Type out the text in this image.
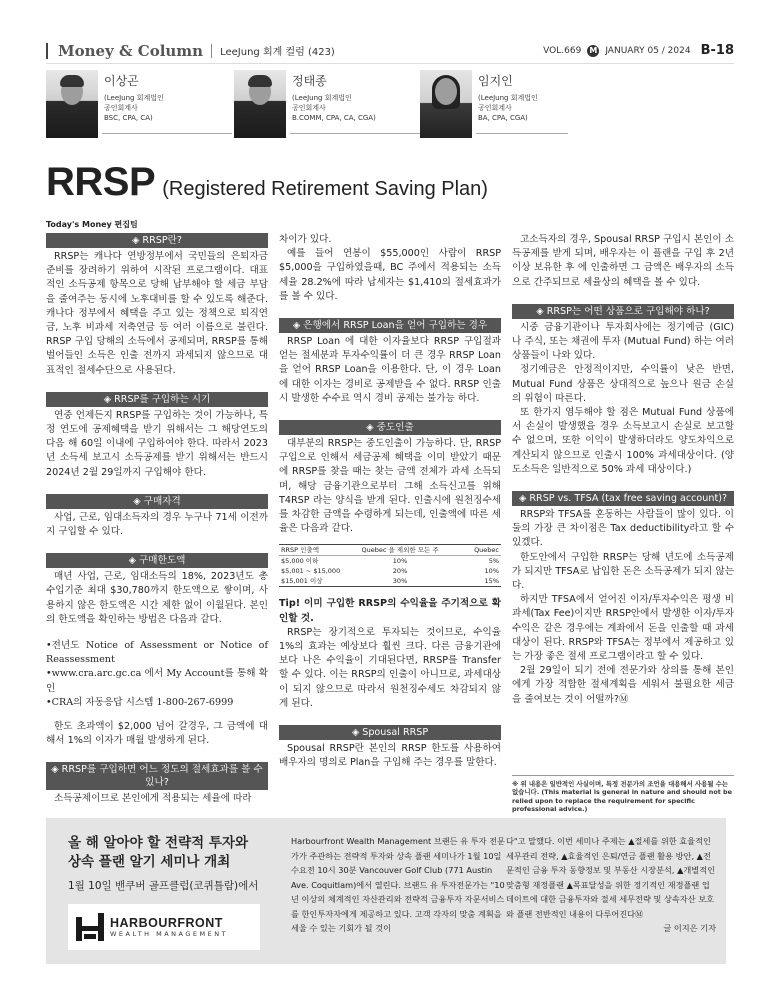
Money & Column LeeJung 회계 컬럼 (423)	VOL.669 M JANUARY 05 / 2024 B-18
이상곤
(LeeJung 회계법인
공인회계사
BSC, CPA, CA)
정태종
(LeeJung 회계법인
공인회계사
B.COMM, CPA, CA, CGA)
임지인
(LeeJung 회계법인
공인회계사
BA, CPA, CGA)
RRSP (Registered Retirement Saving Plan)
Today's Money 편집팀
◈ RRSP란?

RRSP는 캐나다 연방정부에서 국민들의 은퇴자금 준비를 장려하기 위하여 시작된 프로그램이다. 대표적인 소득공제 항목으로 당해 납부해야 할 세금 부담을 줄여주는 동시에 노후대비를 할 수 있도록 해준다. 캐나다 정부에서 혜택을 주고 있는 정책으로 퇴직연금, 노후 비과세 저축연금 등 여러 이름으로 불린다. RRSP 구입 당해의 소득에서 공제되며, RRSP를 통해 벌어들인 소득은 인출 전까지 과세되지 않으므로 대표적인 절세수단으로 사용된다.

◈ RRSP를 구입하는 시기

연중 언제든지 RRSP를 구입하는 것이 가능하나, 특정 연도에 공제혜택을 받기 위해서는 그 해당연도의 다음 해 60일 이내에 구입하여야 한다. 따라서 2023년 소득세 보고시 소득공제를 받기 위해서는 반드시 2024년 2월 29일까지 구입해야 한다.

◈ 구매자격

사업, 근로, 임대소득자의 경우 누구나 71세 이전까지 구입할 수 있다.

◈ 구매한도액

매년 사업, 근로, 임대소득의 18%, 2023년도 총 수입기준 최대 $30,780까지 한도액으로 쌓이며, 사용하지 않은 한도액은 시간 제한 없이 이월된다. 본인의 한도액을 확인하는 방법은 다음과 같다.

•전년도 Notice of Assessment or Notice of Reassessment

•www.cra.arc.gc.ca 에서 My Account를 통해 확인

•CRA의 자동응답 시스템 1-800-267-6999

한도 초과액이 $2,000 넘어 갈경우, 그 금액에 대해서 1%의 이자가 매월 발생하게 된다.

◈ RRSP를 구입하면 어느 정도의 절세효과를 볼 수 있나?

소득공제이므로 본인에게 적용되는 세율에 따라

차이가 있다.

예를 들어 연봉이 $55,000인 사람이 RRSP $5,000을 구입하였을때, BC 주에서 적용되는 소득세율 28.2%에 따라 납세자는 $1,410의 절세효과가 를 볼 수 있다.

◈ 은행에서 RRSP Loan을 얻어 구입하는 경우

RRSP Loan 에 대한 이자율보다 RRSP 구입절과 얻는 절세분과 투자수익률이 더 큰 경우 RRSP Loan을 얻어 RRSP Loan을 이용한다. 단, 이 경우 Loan에 대한 이자는 경비로 공제받을 수 없다. RRSP 인출시 발생한 수수료 역시 경비 공제는 불가능 하다.

◈ 중도인출

대부분의 RRSP는 중도인출이 가능하다. 단, RRSP구입으로 인해서 세금공제 혜택을 이미 받았기 때문에 RRSP를 찾을 때는 찾는 금액 전체가 과세 소득되며, 해당 금융기관으로부터 그해 소득신고를 위해 T4RSP 라는 양식을 받게 된다. 인출시에 원천징수세를 차감한 금액을 수령하게 되는데, 인출액에 따른 세율은 다음과 같다.

RRSP 인출액	Quebec 을 제외한 모든 주	Quebec
$5,000 이하	10%	5%
$5,001 ~ $15,000	20%	10%
$15,001 이상	30%	15%

Tip! 이미 구입한 RRSP의 수익율을 주기적으로 확인할 것.

RRSP는 장기적으로 투자되는 것이므로, 수익율 1%의 효과는 예상보다 훨씬 크다. 다른 금융기관에 보다 나은 수익율이 기대된다면, RRSP를 Transfer 할 수 있다. 이는 RRSP의 인출이 아니므로, 과세대상이 되지 않으므로 따라서 원천징수세도 차감되지 않게 된다.

◈ Spousal RRSP

Spousal RRSP란 본인의 RRSP 한도를 사용하여 배우자의 명의로 Plan을 구입해 주는 경우를 말한다.

고소득자의 경우, Spousal RRSP 구입시 본인이 소득공제를 받게 되며, 배우자는 이 플랜을 구입 후 2년이상 보유한 후 에 인출하면 그 금액은 배우자의 소득으로 간주되므로 세율상의 혜택을 볼 수 있다.

◈ RRSP는 어떤 상품으로 구입해야 하나?

시중 금융기관이나 투자회사에는 정기예금 (GIC) 나 주식, 또는 채권에 투자 (Mutual Fund) 하는 여러 상품들이 나와 있다.

정기예금은 안정적이지만, 수익률이 낮은 반면, Mutual Fund 상품은 상대적으로 높으나 원금 손실의 위험이 따른다.

또 한가지 염두해야 할 점은 Mutual Fund 상품에서 손실이 발생했을 경우 소득보고시 손실로 보고할 수 없으며, 또한 이익이 발생하더라도 양도차익으로 계산되지 않으므로 인출시 100% 과세대상이다. (양도소득은 일반적으로 50% 과세 대상이다.)

◈ RRSP vs. TFSA (tax free saving account)?

RRSP와 TFSA를 혼동하는 사람들이 많이 있다. 이 둘의 가장 큰 차이점은 Tax deductibility라고 할 수 있겠다.

한도안에서 구입한 RRSP는 당해 년도에 소득공제가 되지만 TFSA로 납입한 돈은 소득공제가 되지 않는다.

하지만 TFSA에서 얻어진 이자/투자수익은 평생 비과세(Tax Fee)이지만 RRSP안에서 발생한 이자/투자수익은 같은 경우에는 계좌에서 돈을 인출할 때 과세대상이 된다. RRSP와 TFSA는 정부에서 제공하고 있는 가장 좋은 절세 프로그램이라고 할 수 있다.

2월 29일이 되기 전에 전문가와 상의를 통해 본인에게 가장 적합한 절세계획을 세워서 불필요한 세금을 줄여보는 것이 어떨까?Ⓜ

※ 위 내용은 일반적인 사실이며, 특정 전문가의 조언을 대용해서 사용될 수는 없습니다. (This material is general in nature and should not be relied upon to replace the requirement for specific professional advice.)
올 해 알아야 할 전략적 투자와
상속 플랜 알기 세미나 개최
1월 10일 밴쿠버 골프클럽(코퀴틀람)에서
HARBOURFRONT
WEALTH MANAGEMENT
Harbourfront Wealth Management 브랜든 유 투자 전문가가 주관하는 전략적 투자와 상속 플랜 세미나가 1월 10일 수요전 10시 30분 Vancouver Golf Club (771 Austin Ave. Coquitlam)에서 열린다. 브랜드 유 투자전문가는 "10년 이상의 체계적인 자산관리와 전략적 금융투자 자문서비스를 한인투자자에게 제공하고 있다. 고객 각자의 맞춤 계획을 세울 수 있는 기회가 될 것이
다"고 말했다. 이번 세미나 주제는 ▲절세를 위한 효율적인 세무관리 전략, ▲효율적인 은퇴/연금 플랜 활용 방안, ▲전문적인 금융 투자 동향정보 및 부동산 시장분석, ▲개별적인 맞춤형 재정플랜 ▲목표달성을 위한 정기적인 재정플랜 업데이트에 대한 금융투자와 절세 세무전략 및 상속자산 보호와 플랜 전반적인 내용이 다루어진다Ⓜ
글 이지은 기자
